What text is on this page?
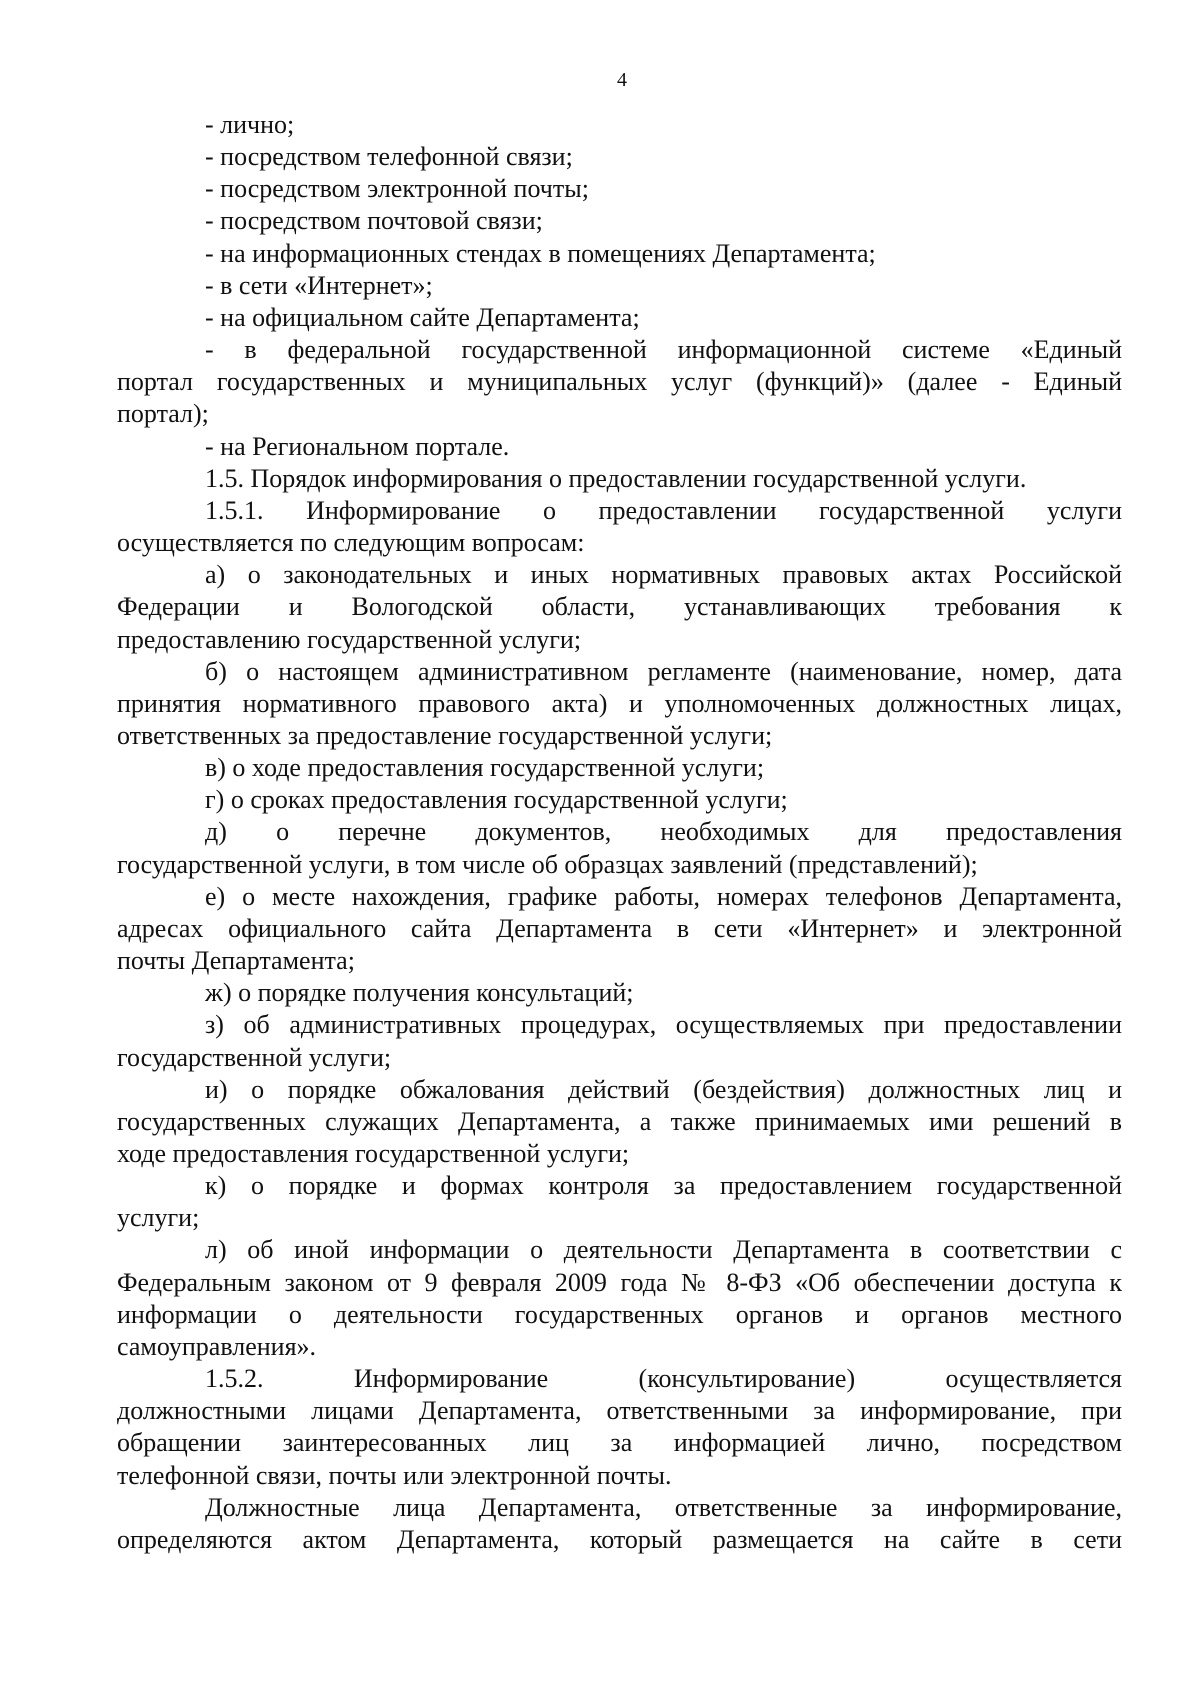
4
- лично;
- посредством телефонной связи;
- посредством электронной почты;
- посредством почтовой связи;
- на информационных стендах в помещениях Департамента;
- в сети «Интернет»;
- на официальном сайте Департамента;
- в федеральной государственной информационной системе «Единый
портал государственных и муниципальных услуг (функций)» (далее - Единый
портал);
- на Региональном портале.
1.5. Порядок информирования о предоставлении государственной услуги.
1.5.1. Информирование о предоставлении государственной услуги
осуществляется по следующим вопросам:
а) о законодательных и иных нормативных правовых актах Российской
Федерации и Вологодской области, устанавливающих требования к
предоставлению государственной услуги;
б) о настоящем административном регламенте (наименование, номер, дата
принятия нормативного правового акта) и уполномоченных должностных лицах,
ответственных за предоставление государственной услуги;
в) о ходе предоставления государственной услуги;
г) о сроках предоставления государственной услуги;
д) о перечне документов, необходимых для предоставления
государственной услуги, в том числе об образцах заявлений (представлений);
е) о месте нахождения, графике работы, номерах телефонов Департамента,
адресах официального сайта Департамента в сети «Интернет» и электронной
почты Департамента;
ж) о порядке получения консультаций;
з) об административных процедурах, осуществляемых при предоставлении
государственной услуги;
и) о порядке обжалования действий (бездействия) должностных лиц и
государственных служащих Департамента, а также принимаемых ими решений в
ходе предоставления государственной услуги;
к) о порядке и формах контроля за предоставлением государственной
услуги;
л) об иной информации о деятельности Департамента в соответствии с
Федеральным законом от 9 февраля 2009 года № 8-ФЗ «Об обеспечении доступа к
информации о деятельности государственных органов и органов местного
самоуправления».
1.5.2. Информирование (консультирование) осуществляется
должностными лицами Департамента, ответственными за информирование, при
обращении заинтересованных лиц за информацией лично, посредством
телефонной связи, почты или электронной почты.
Должностные лица Департамента, ответственные за информирование,
определяются актом Департамента, который размещается на сайте в сети
